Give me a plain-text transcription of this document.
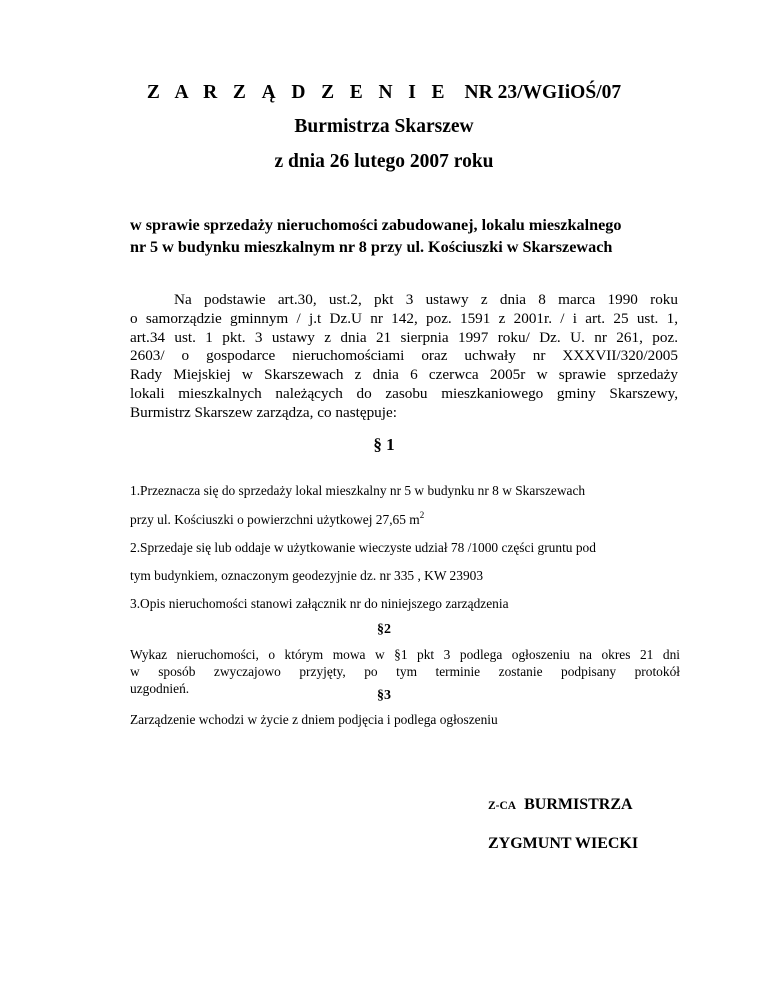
Z A R Z Ą D Z E N I E NR 23/WGIiOŚ/07
Burmistrza Skarszew
z dnia 26 lutego 2007 roku
w sprawie sprzedaży nieruchomości zabudowanej, lokalu mieszkalnego
nr 5 w budynku mieszkalnym nr 8 przy ul. Kościuszki w Skarszewach
Na podstawie art.30, ust.2, pkt 3 ustawy z dnia 8 marca 1990 roku
o samorządzie gminnym / j.t Dz.U nr 142, poz. 1591 z 2001r. / i art. 25 ust. 1,
art.34 ust. 1 pkt. 3 ustawy z dnia 21 sierpnia 1997 roku/ Dz. U. nr 261, poz.
2603/ o gospodarce nieruchomościami oraz uchwały nr XXXVII/320/2005
Rady Miejskiej w Skarszewach z dnia 6 czerwca 2005r w sprawie sprzedaży
lokali mieszkalnych należących do zasobu mieszkaniowego gminy Skarszewy,
Burmistrz Skarszew zarządza, co następuje:
§ 1
1.Przeznacza się do sprzedaży lokal mieszkalny nr 5 w budynku nr 8 w Skarszewach
przy ul. Kościuszki o powierzchni użytkowej 27,65 $m^2$
2.Sprzedaje się lub oddaje w użytkowanie wieczyste udział 78 /1000 części gruntu pod
tym budynkiem, oznaczonym geodezyjnie dz. nr 335 , KW 23903
3.Opis nieruchomości stanowi załącznik nr do niniejszego zarządzenia
§2
Wykaz nieruchomości, o którym mowa w §1 pkt 3 podlega ogłoszeniu na okres 21 dni
w sposób zwyczajowo przyjęty, po tym terminie zostanie podpisany protokół
uzgodnień.	§3
Zarządzenie wchodzi w życie z dniem podjęcia i podlega ogłoszeniu
Z-CA BURMISTRZA
ZYGMUNT WIECKI
